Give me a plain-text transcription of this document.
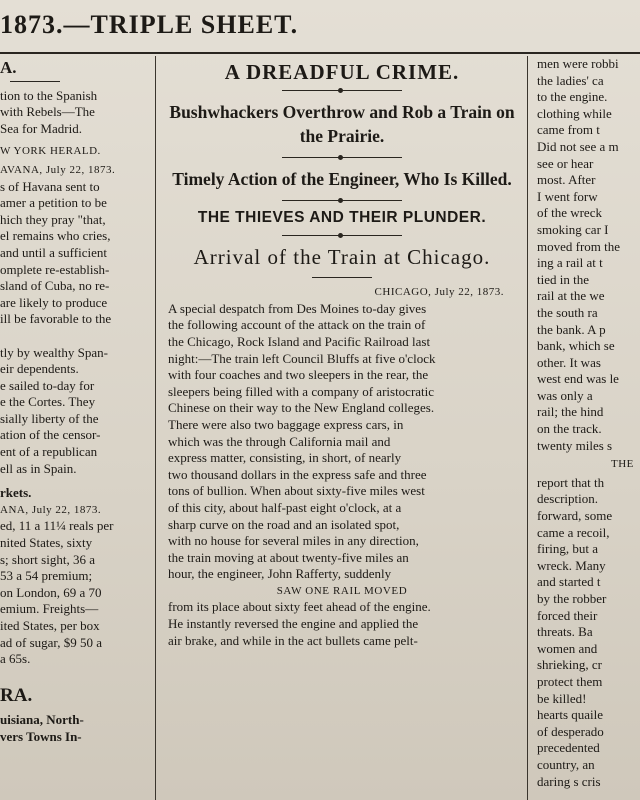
1873.—TRIPLE SHEET.
A.
tion to the Spanish
with Rebels—The
Sea for Madrid.
W YORK HERALD.
AVANA, July 22, 1873.
s of Havana sent to
amer a petition to be
hich they pray "that,
el remains who cries,
and until a sufficient
omplete re-establish-
sland of Cuba, no re-
are likely to produce
ill be favorable to the

tly by wealthy Span-
eir dependents.
e sailed to-day for
e the Cortes. They
sially liberty of the
ation of the censor-
ent of a republican
ell as in Spain.
rkets.
ANA, July 22, 1873.
ed, 11 a 11¼ reals per
nited States, sixty
s; short sight, 36 a
53 a 54 premium;
on London, 69 a 70
emium. Freights—
ited States, per box
ad of sugar, $9 50 a
a 65s.
RA.
uisiana, North-
vers Towns In-
A DREADFUL CRIME.
Bushwhackers Overthrow and Rob a Train on the Prairie.
Timely Action of the Engineer, Who Is Killed.
THE THIEVES AND THEIR PLUNDER.
Arrival of the Train at Chicago.
CHICAGO, July 22, 1873.
A special despatch from Des Moines to-day gives
the following account of the attack on the train of
the Chicago, Rock Island and Pacific Railroad last
night:—The train left Council Bluffs at five o'clock
with four coaches and two sleepers in the rear, the
sleepers being filled with a company of aristocratic
Chinese on their way to the New England colleges.
There were also two baggage express cars, in
which was the through California mail and
express matter, consisting, in short, of nearly
two thousand dollars in the express safe and three
tons of bullion. When about sixty-five miles west
of this city, about half-past eight o'clock, at a
sharp curve on the road and an isolated spot,
with no house for several miles in any direction,
the train moving at about twenty-five miles an
hour, the engineer, John Rafferty, suddenly
SAW ONE RAIL MOVED
from its place about sixty feet ahead of the engine.
He instantly reversed the engine and applied the
air brake, and while in the act bullets came pelt-
men were robbi
the ladies' ca
to the engine.
clothing while
came from t
Did not see a m
see or hear
most. After
I went forw
of the wreck
smoking car I
moved from the
ing a rail at t
tied in the
rail at the we
the south ra
the bank. A p
bank, which se
other. It was
west end was le
was only a
rail; the hind
on the track.
twenty miles s
THE
report that th
description.
forward, some
came a recoil,
firing, but a
wreck. Many
and started t
by the robber
forced their
threats. Ba
women and
shrieking, cr
protect them
be killed!
hearts quaile
of desperado
precedented
country, an
daring s cris
